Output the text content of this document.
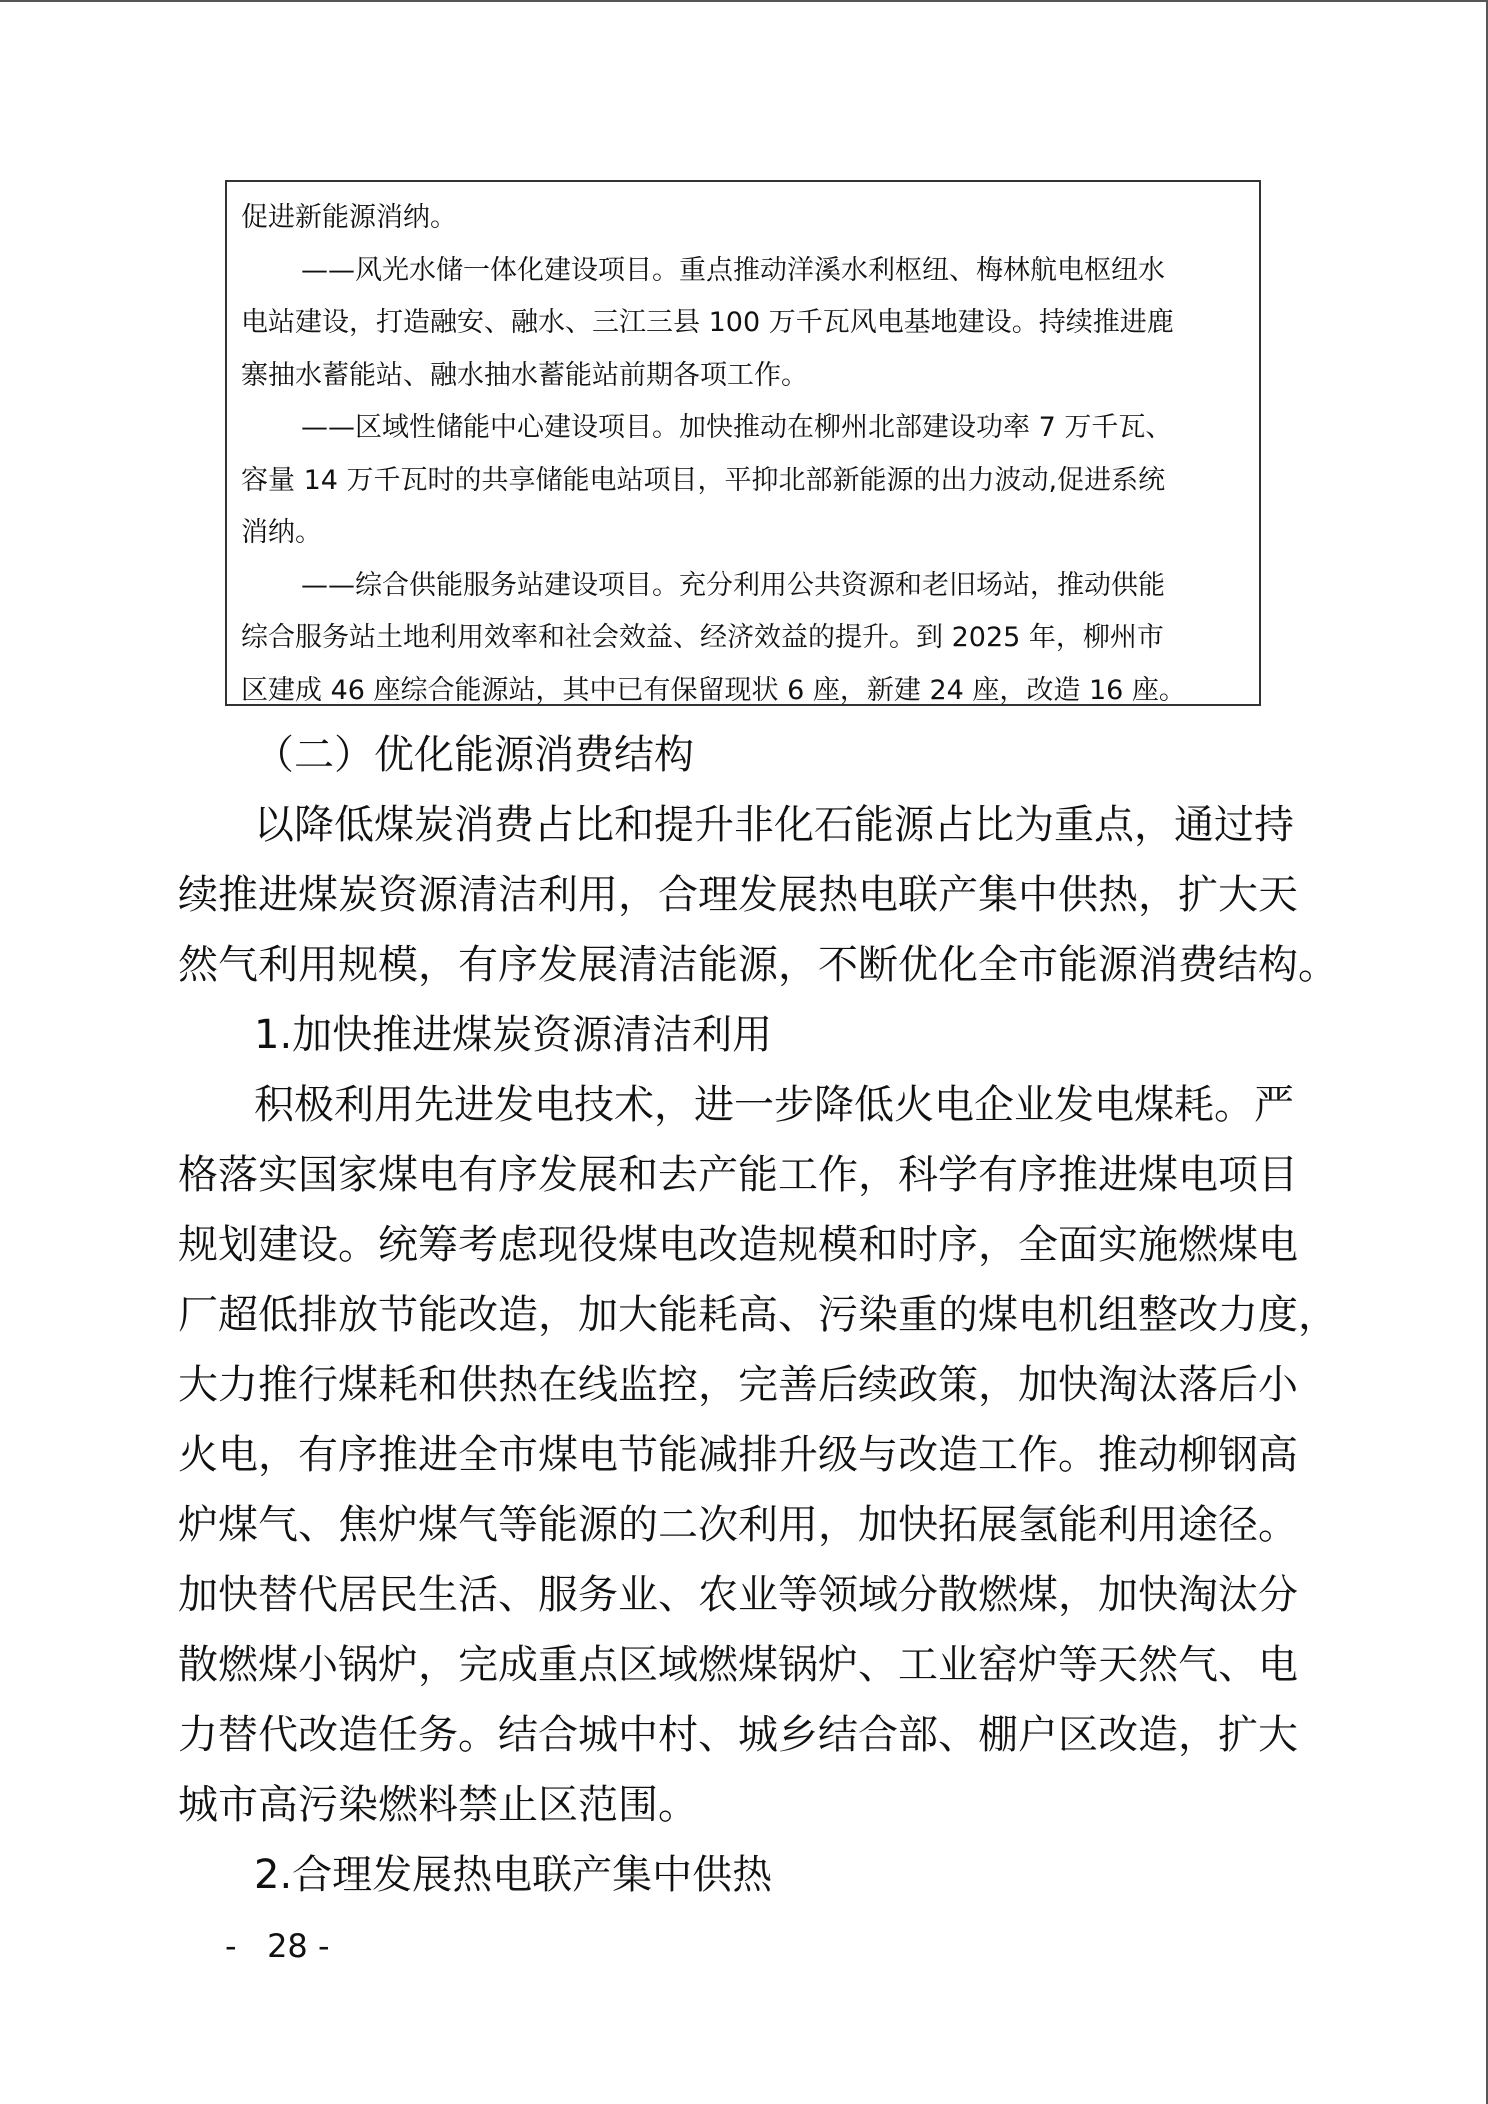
促进新能源消纳。

——风光水储一体化建设项目。重点推动洋溪水利枢纽、梅林航电枢纽水

电站建设，打造融安、融水、三江三县 100 万千瓦风电基地建设。持续推进鹿

寨抽水蓄能站、融水抽水蓄能站前期各项工作。

——区域性储能中心建设项目。加快推动在柳州北部建设功率 7 万千瓦、

容量 14 万千瓦时的共享储能电站项目，平抑北部新能源的出力波动,促进系统

消纳。

——综合供能服务站建设项目。充分利用公共资源和老旧场站，推动供能

综合服务站土地利用效率和社会效益、经济效益的提升。到 2025 年，柳州市

区建成 46 座综合能源站，其中已有保留现状 6 座，新建 24 座，改造 16 座。

（二）优化能源消费结构

以降低煤炭消费占比和提升非化石能源占比为重点，通过持

续推进煤炭资源清洁利用，合理发展热电联产集中供热，扩大天

然气利用规模，有序发展清洁能源，不断优化全市能源消费结构。

1.加快推进煤炭资源清洁利用

积极利用先进发电技术，进一步降低火电企业发电煤耗。严

格落实国家煤电有序发展和去产能工作，科学有序推进煤电项目

规划建设。统筹考虑现役煤电改造规模和时序，全面实施燃煤电

厂超低排放节能改造，加大能耗高、污染重的煤电机组整改力度，

大力推行煤耗和供热在线监控，完善后续政策，加快淘汰落后小

火电，有序推进全市煤电节能减排升级与改造工作。推动柳钢高

炉煤气、焦炉煤气等能源的二次利用，加快拓展氢能利用途径。

加快替代居民生活、服务业、农业等领域分散燃煤，加快淘汰分

散燃煤小锅炉，完成重点区域燃煤锅炉、工业窑炉等天然气、电

力替代改造任务。结合城中村、城乡结合部、棚户区改造，扩大

城市高污染燃料禁止区范围。

2.合理发展热电联产集中供热

-   28 -
